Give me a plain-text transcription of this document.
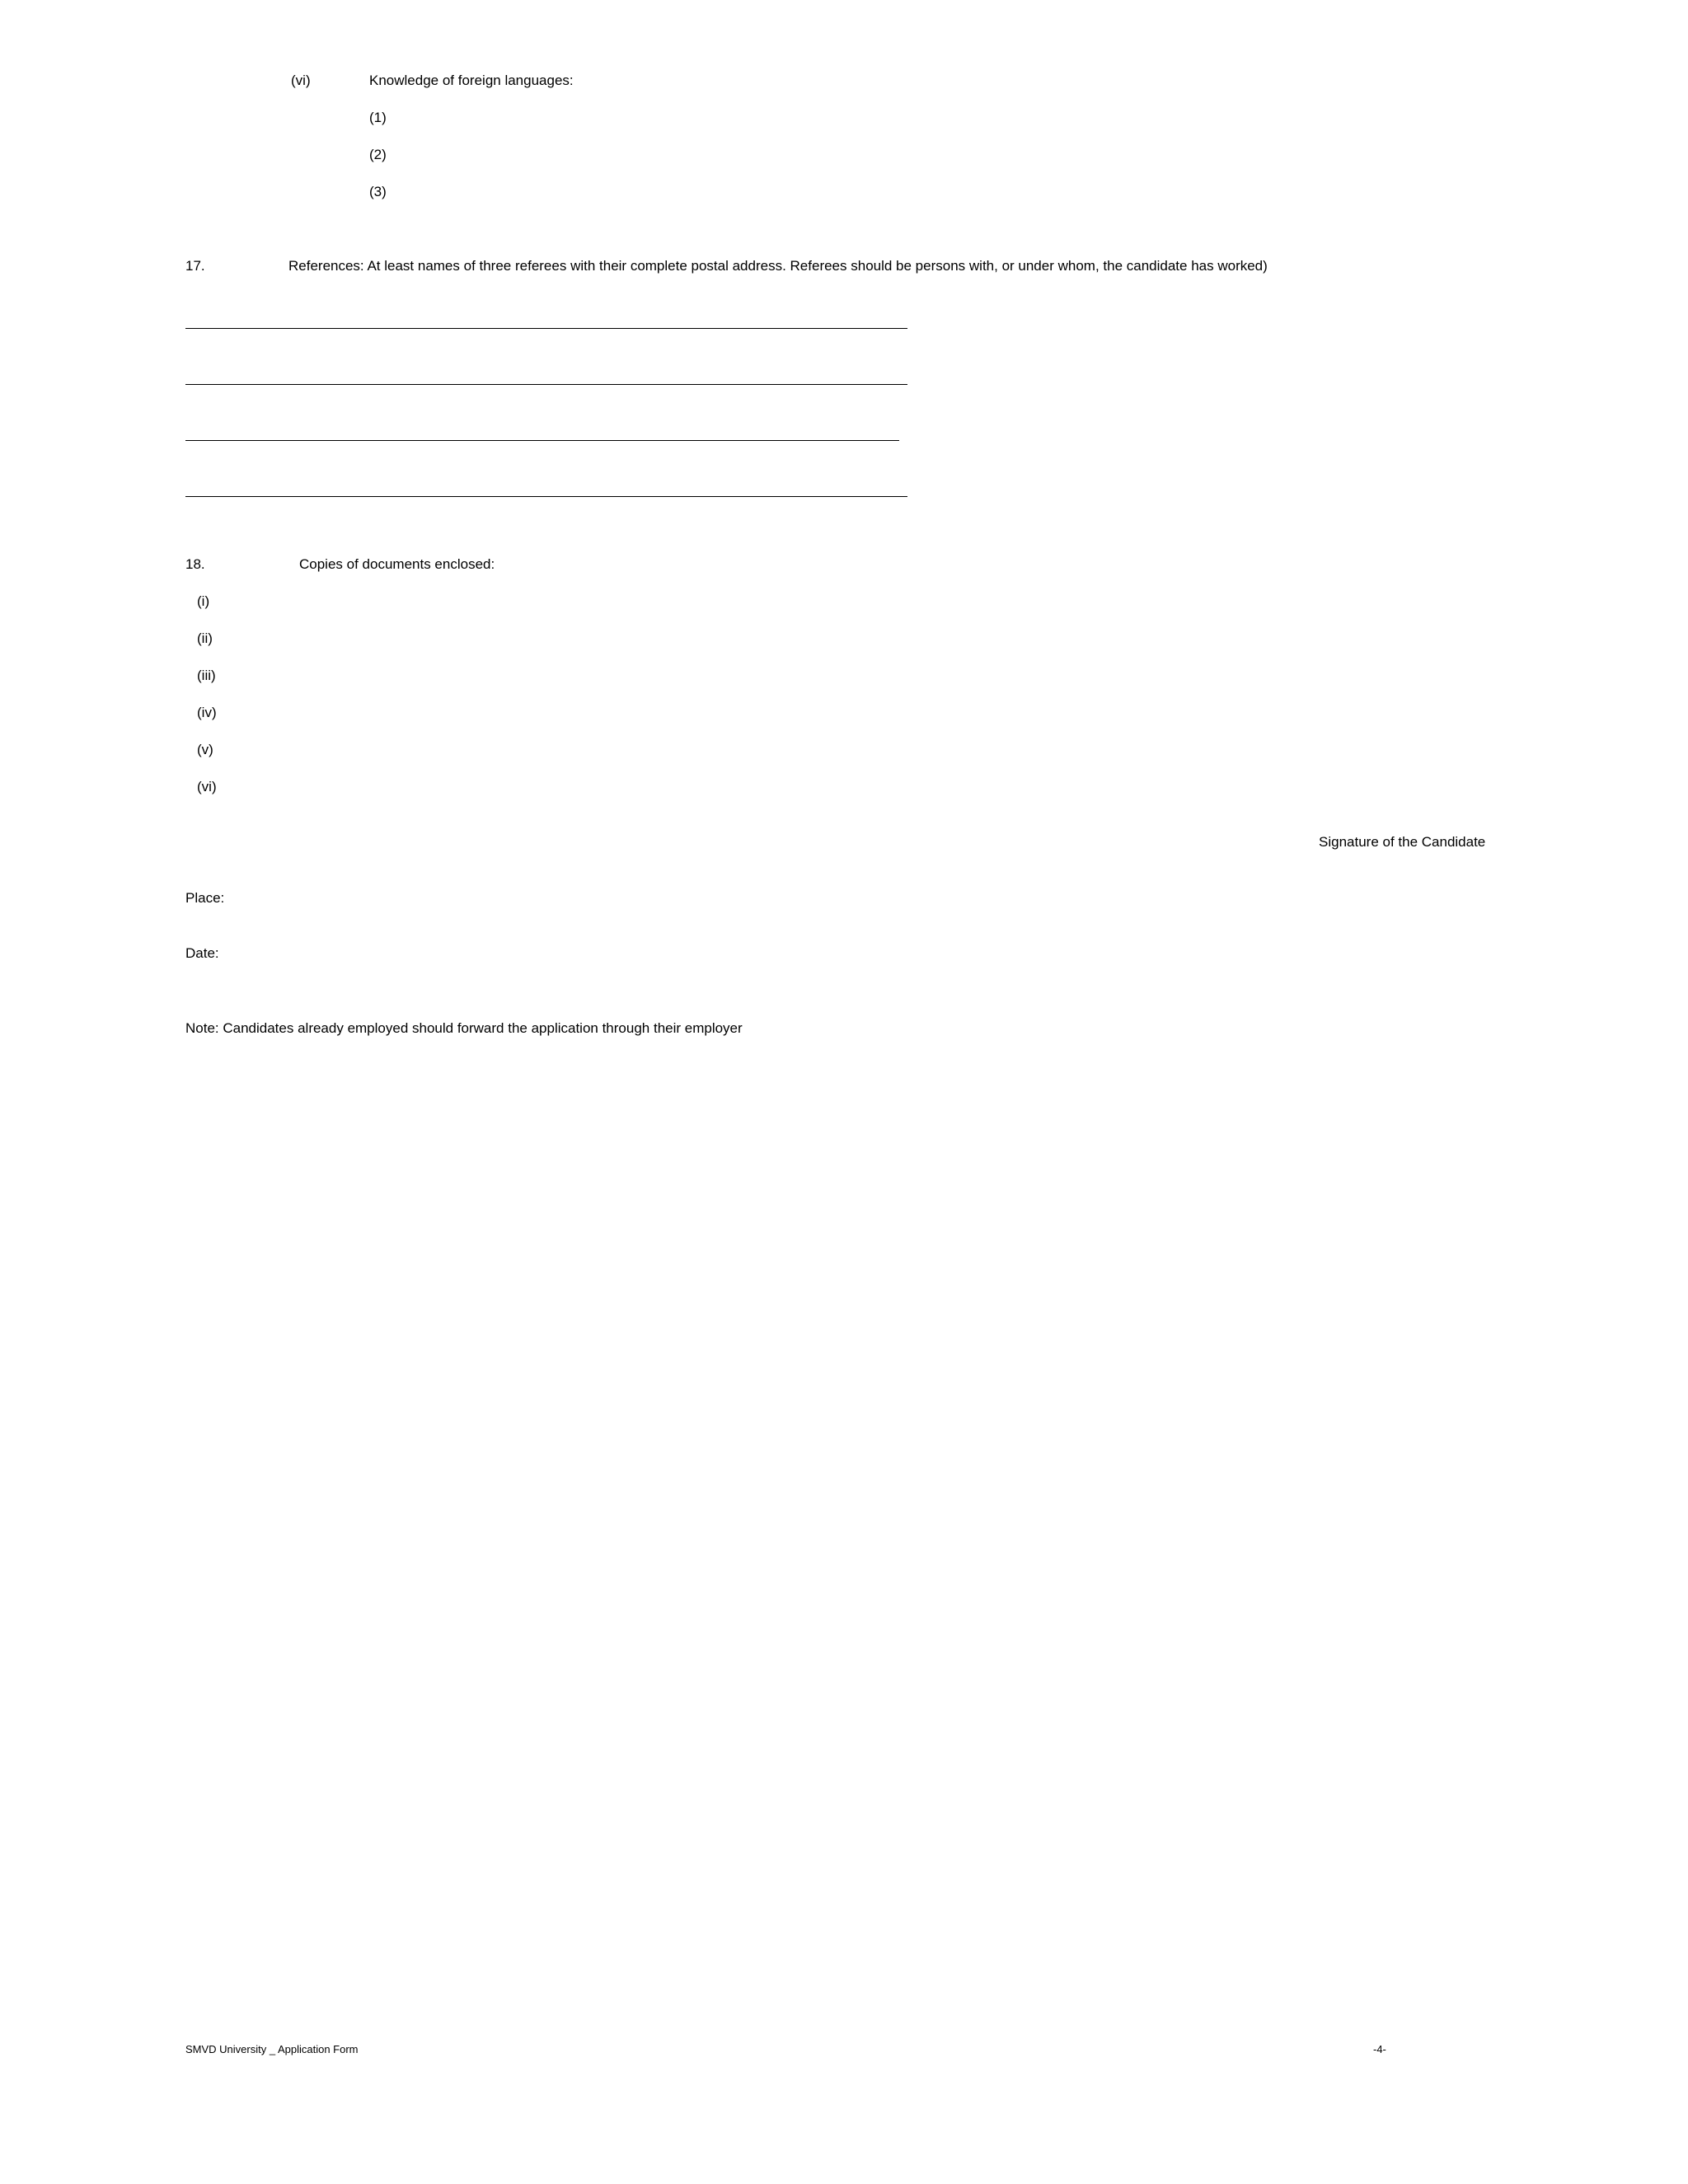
(vi)	Knowledge of foreign languages:
(1)
(2)
(3)
17.	References: At least names of three referees with their complete postal address. Referees should be persons with, or under whom, the candidate has worked)
18.	Copies of documents enclosed:
(i)
(ii)
(iii)
(iv)
(v)
(vi)
Signature of the Candidate
Place:
Date:
Note: Candidates already employed should forward the application through their employer
SMVD University _ Application Form	-4-
